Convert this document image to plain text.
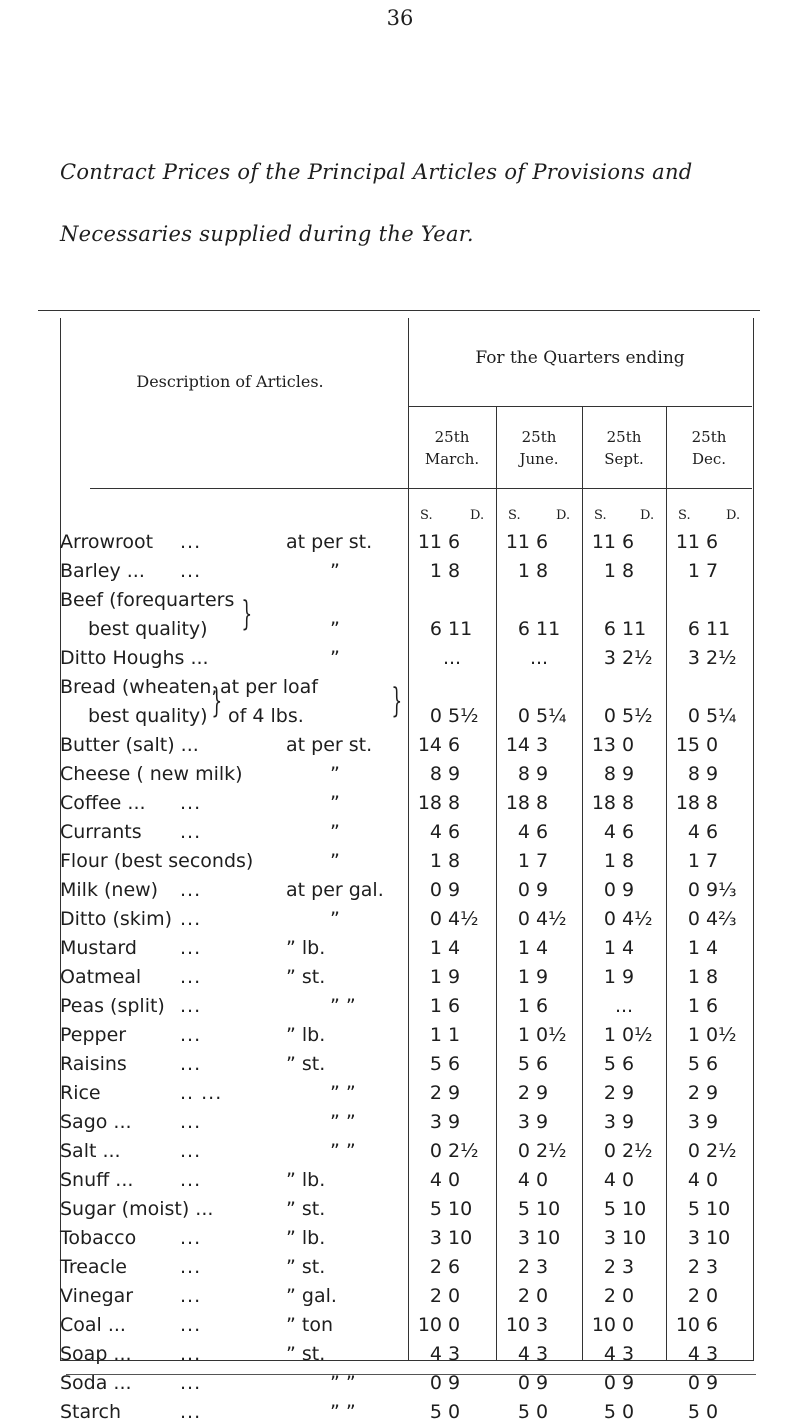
36
Contract Prices of the Principal Articles of Provisions and
Necessaries supplied during the Year.
Description of Articles.
For the Quarters ending
25th
March.
25th
June.
25th
Sept.
25th
Dec.
S.	D. S.	D. S.	D. S.	D.
Arrowroot ...	at per st.	11 6	11 6	11 6	11 6
Barley ... ...	”	1 8	1 8	1 8	1 7
Beef (forequarters
best quality) }	”	6 11	6 11	6 11	6 11
Ditto Houghs ...	”	...	...	3 2½	3 2½
Bread (wheaten, at per loaf
best quality) of 4 lbs.
}	}	0 5½	0 5¼	0 5½	0 5¼
Butter (salt) ...	at per st.	14 6	14 3	13 0	15 0
Cheese ( new milk)	”	8 9	8 9	8 9	8 9
Coffee ... ...	”	18 8	18 8	18 8	18 8
Currants ...	”	4 6	4 6	4 6	4 6
Flour (best seconds)	”	1 8	1 7	1 8	1 7
Milk (new) ...	at per gal.	0 9	0 9	0 9	0 9⅓
Ditto (skim) ...	”	0 4½	0 4½	0 4½	0 4⅔
Mustard ...	” lb.	1 4	1 4	1 4	1 4
Oatmeal ...	” st.	1 9	1 9	1 9	1 8
Peas (split) ...	” ”	1 6	1 6	...	1 6
Pepper	...	” lb.	1 1	1 0½	1 0½	1 0½
Raisins	...	” st.	5 6	5 6	5 6	5 6
Rice	.. ...	” ”	2 9	2 9	2 9	2 9
Sago ...	...	” ”	3 9	3 9	3 9	3 9
Salt ...	...	” ”	0 2½	0 2½	0 2½	0 2½
Snuff ... ...	” lb.	4 0	4 0	4 0	4 0
Sugar (moist) ...	” st.	5 10	5 10	5 10	5 10
Tobacco ...	” lb.	3 10	3 10	3 10	3 10
Treacle	...	” st.	2 6	2 3	2 3	2 3
Vinegar ...	” gal.	2 0	2 0	2 0	2 0
Coal ...	...	” ton	10 0	10 3	10 0	10 6
Soap ...	...	” st.	4 3	4 3	4 3	4 3
Soda ...	...	” ”	0 9	0 9	0 9	0 9
Starch	...	” ”	5 0	5 0	5 0	5 0
